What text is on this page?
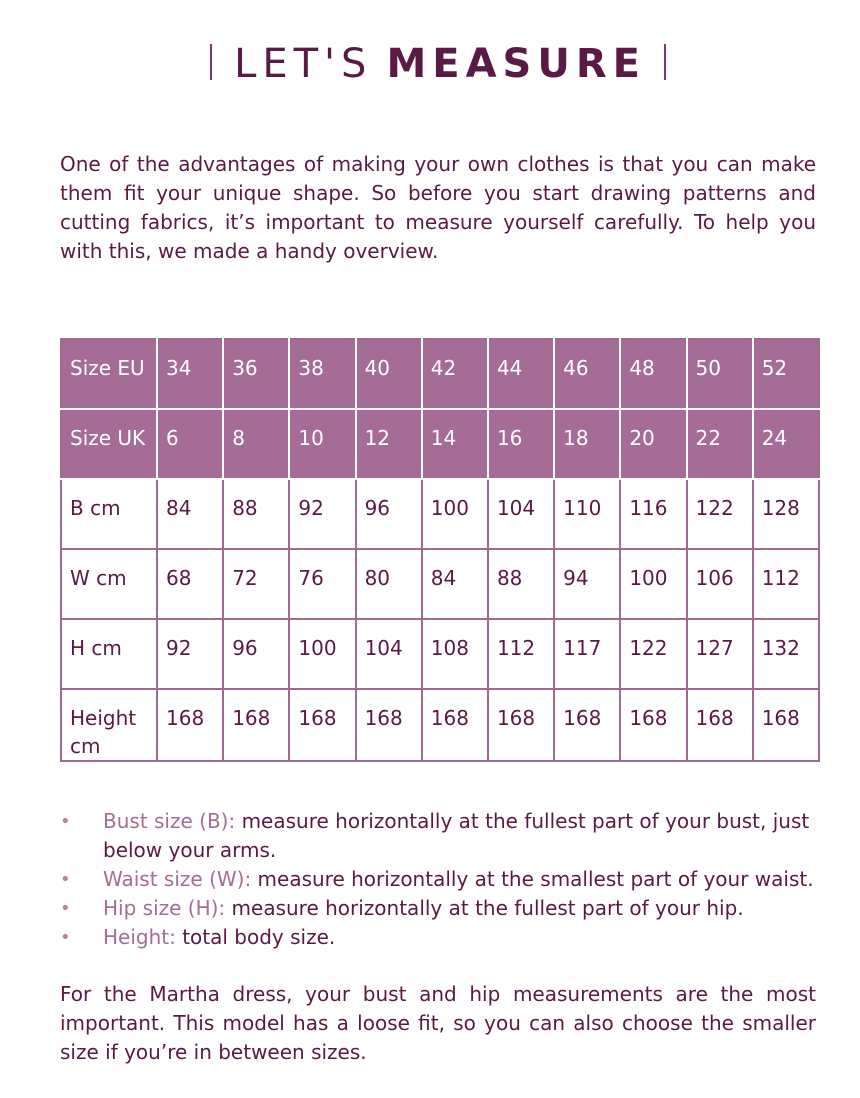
LET'S MEASURE

One of the advantages of making your own clothes is that you can make them fit your unique shape. So before you start drawing patterns and cutting fabrics, it’s important to measure yourself carefully. To help you with this, we made a handy overview.

Size EU	34	36	38	40	42	44	46	48	50	52
Size UK	6	8	10	12	14	16	18	20	22	24
B cm	84	88	92	96	100	104	110	116	122	128
W cm	68	72	76	80	84	88	94	100	106	112
H cm	92	96	100	104	108	112	117	122	127	132
Height cm	168	168	168	168	168	168	168	168	168	168
• Bust size (B): measure horizontally at the fullest part of your bust, just below your arms.
• Waist size (W): measure horizontally at the smallest part of your waist.
• Hip size (H): measure horizontally at the fullest part of your hip.
• Height: total body size.

For the Martha dress, your bust and hip measurements are the most important. This model has a loose fit, so you can also choose the smaller size if you’re in between sizes.
